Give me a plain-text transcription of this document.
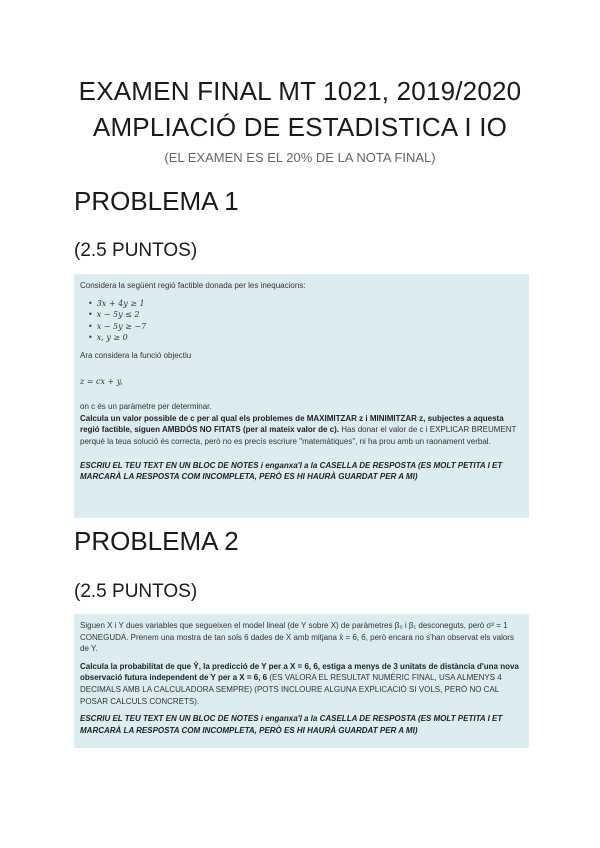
EXAMEN FINAL MT 1021, 2019/2020
AMPLIACIÓ DE ESTADISTICA I IO
(EL EXAMEN ES EL 20% DE LA NOTA FINAL)
PROBLEMA 1
(2.5 PUNTOS)

Considera la següent regió factible donada per les inequacions:

• 3x + 4y ≥ 1
• x − 5y ≤ 2
• x − 5y ≥ −7
• x, y ≥ 0

Ara considera la funció objectiu

z = cx + y,

on c és un paràmetre per determinar.

Calcula un valor possible de c per al qual els problemes de MAXIMITZAR z i MINIMITZAR z, subjectes a aquesta regió factible, siguen AMBDÓS NO FITATS (per al mateix valor de c). Has donar el valor de c i EXPLICAR BREUMENT perquè la teua solució és correcta, però no es precís escriure "matemàtiques", ni ha prou amb un raonament verbal.

ESCRIU EL TEU TEXT EN UN BLOC DE NOTES i enganxa'l a la CASELLA DE RESPOSTA (ES MOLT PETITA I ET MARCARÀ LA RESPOSTA COM INCOMPLETA, PERÒ ES HI HAURÀ GUARDAT PER A MI)

PROBLEMA 2
(2.5 PUNTOS)

Siguen X i Y dues variables que segueixen el model lineal (de Y sobre X) de paràmetres β₀ i β₁ desconeguts, però σ² = 1 CONEGUDA. Prenem una mostra de tan sols 6 dades de X amb mitjana x̄ = 6, 6, però encara no s'han observat els valors de Y.

Calcula la probabilitat de que Ŷ, la predicció de Y per a X = 6, 6, estiga a menys de 3 unitats de distància d'una nova observació futura independent de Y per a X = 6, 6 (ES VALORA EL RESULTAT NUMÈRIC FINAL, USA ALMENYS 4 DECIMALS AMB LA CALCULADORA SEMPRE) (POTS INCLOURE ALGUNA EXPLICACIÓ SI VOLS, PERÒ NO CAL POSAR CALCULS CONCRETS).

ESCRIU EL TEU TEXT EN UN BLOC DE NOTES i enganxa'l a la CASELLA DE RESPOSTA (ES MOLT PETITA I ET MARCARÀ LA RESPOSTA COM INCOMPLETA, PERÒ ES HI HAURÀ GUARDAT PER A MI)
